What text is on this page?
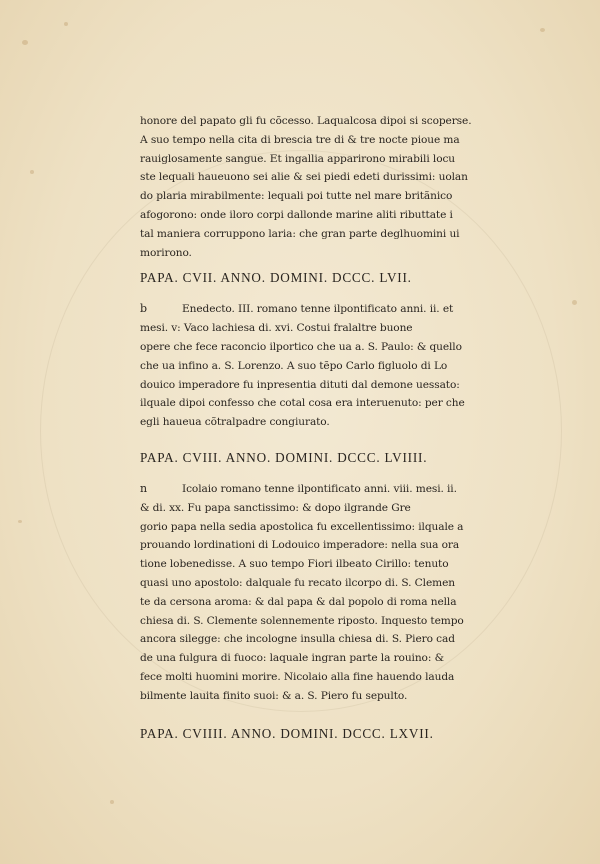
honore del papato gli fu cõcesso. Laqualcosa dipoi si scoperse.
A suo tempo nella cita di brescia tre di & tre nocte pioue ma
rauiglosamente sangue. Et ingallia apparirono mirabili locu
ste lequali haueuono sei alie & sei piedi edeti durissimi: uolan
do plaria mirabilmente: lequali poi tutte nel mare britãnico
afogorono: onde iloro corpi dallonde marine aliti ributtate i
tal maniera corruppono laria: che gran parte deglhuomini ui
morirono.
PAPA. CVII. ANNO. DOMINI. DCCC. LVII.
b	Enedecto. III. romano tenne ilpontificato anni. ii. et
mesi. v: Vaco lachiesa di. xvi. Costui fralaltre buone
opere che fece raconcio ilportico che ua a. S. Paulo: & quello
che ua infino a. S. Lorenzo. A suo tẽpo Carlo figluolo di Lo
douico imperadore fu inpresentia dituti dal demone uessato:
ilquale dipoi confesso che cotal cosa era interuenuto: per che
egli haueua cõtralpadre congiurato.
PAPA. CVIII. ANNO. DOMINI. DCCC. LVIIII.
n	Icolaio romano tenne ilpontificato anni. viii. mesi. ii.
& di. xx. Fu papa sanctissimo: & dopo ilgrande Gre
gorio papa nella sedia apostolica fu excellentissimo: ilquale a
prouando lordinationi di Lodouico imperadore: nella sua ora
tione lobenedisse. A suo tempo Fiori ilbeato Cirillo: tenuto
quasi uno apostolo: dalquale fu recato ilcorpo di. S. Clemen
te da cersona aroma: & dal papa & dal popolo di roma nella
chiesa di. S. Clemente solennemente riposto. Inquesto tempo
ancora silegge: che incologne insulla chiesa di. S. Piero cad
de una fulgura di fuoco: laquale ingran parte la rouino: &
fece molti huomini morire. Nicolaio alla fine hauendo lauda
bilmente lauita finito suoi: & a. S. Piero fu sepulto.
PAPA. CVIIII. ANNO. DOMINI. DCCC. LXVII.
